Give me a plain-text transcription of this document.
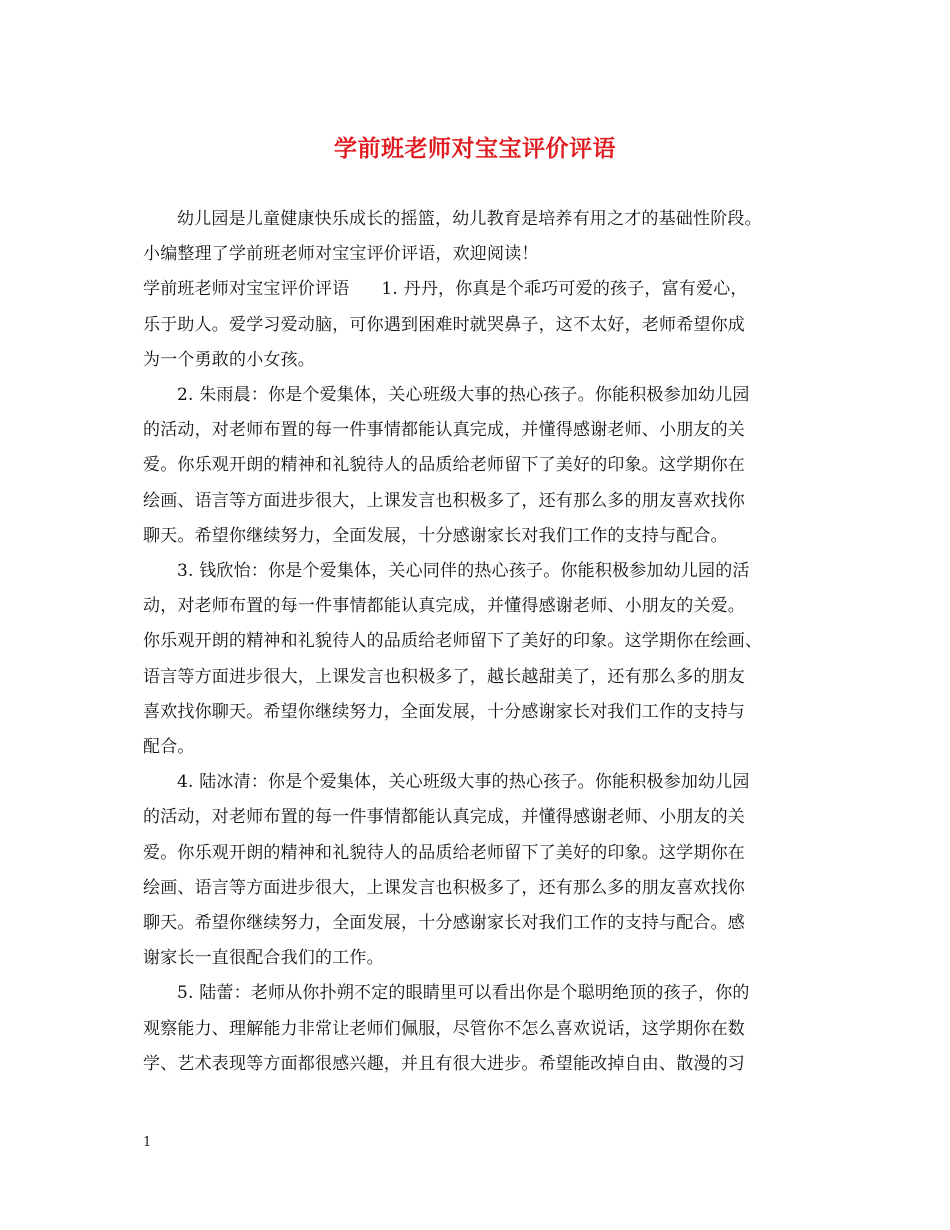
学前班老师对宝宝评价评语

幼儿园是儿童健康快乐成长的摇篮，幼儿教育是培养有用之才的基础性阶段。

小编整理了学前班老师对宝宝评价评语，欢迎阅读！

学前班老师对宝宝评价评语 1. 丹丹，你真是个乖巧可爱的孩子，富有爱心，

乐于助人。爱学习爱动脑，可你遇到困难时就哭鼻子，这不太好，老师希望你成

为一个勇敢的小女孩。

2. 朱雨晨：你是个爱集体，关心班级大事的热心孩子。你能积极参加幼儿园

的活动，对老师布置的每一件事情都能认真完成，并懂得感谢老师、小朋友的关

爱。你乐观开朗的精神和礼貌待人的品质给老师留下了美好的印象。这学期你在

绘画、语言等方面进步很大，上课发言也积极多了，还有那么多的朋友喜欢找你

聊天。希望你继续努力，全面发展，十分感谢家长对我们工作的支持与配合。

3. 钱欣怡：你是个爱集体，关心同伴的热心孩子。你能积极参加幼儿园的活

动，对老师布置的每一件事情都能认真完成，并懂得感谢老师、小朋友的关爱。

你乐观开朗的精神和礼貌待人的品质给老师留下了美好的印象。这学期你在绘画、

语言等方面进步很大，上课发言也积极多了，越长越甜美了，还有那么多的朋友

喜欢找你聊天。希望你继续努力，全面发展，十分感谢家长对我们工作的支持与

配合。

4. 陆冰清：你是个爱集体，关心班级大事的热心孩子。你能积极参加幼儿园

的活动，对老师布置的每一件事情都能认真完成，并懂得感谢老师、小朋友的关

爱。你乐观开朗的精神和礼貌待人的品质给老师留下了美好的印象。这学期你在

绘画、语言等方面进步很大，上课发言也积极多了，还有那么多的朋友喜欢找你

聊天。希望你继续努力，全面发展，十分感谢家长对我们工作的支持与配合。感

谢家长一直很配合我们的工作。

5. 陆蕾：老师从你扑朔不定的眼睛里可以看出你是个聪明绝顶的孩子，你的

观察能力、理解能力非常让老师们佩服，尽管你不怎么喜欢说话，这学期你在数

学、艺术表现等方面都很感兴趣，并且有很大进步。希望能改掉自由、散漫的习

1
